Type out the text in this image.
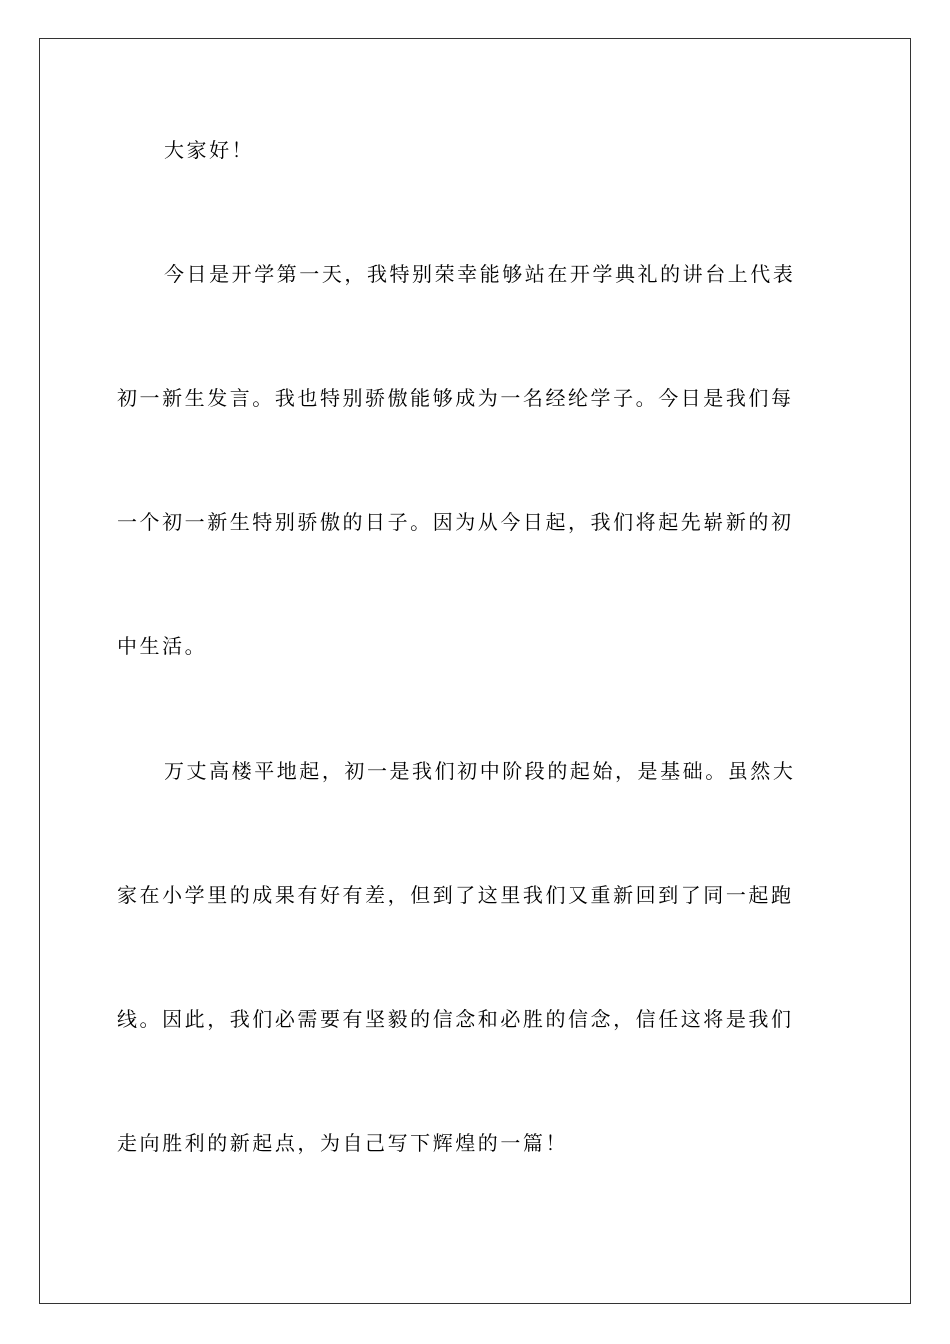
大家好！
今日是开学第一天，我特别荣幸能够站在开学典礼的讲台上代表
初一新生发言。我也特别骄傲能够成为一名经纶学子。今日是我们每
一个初一新生特别骄傲的日子。因为从今日起，我们将起先崭新的初
中生活。
万丈高楼平地起，初一是我们初中阶段的起始，是基础。虽然大
家在小学里的成果有好有差，但到了这里我们又重新回到了同一起跑
线。因此，我们必需要有坚毅的信念和必胜的信念，信任这将是我们
走向胜利的新起点，为自己写下辉煌的一篇！
